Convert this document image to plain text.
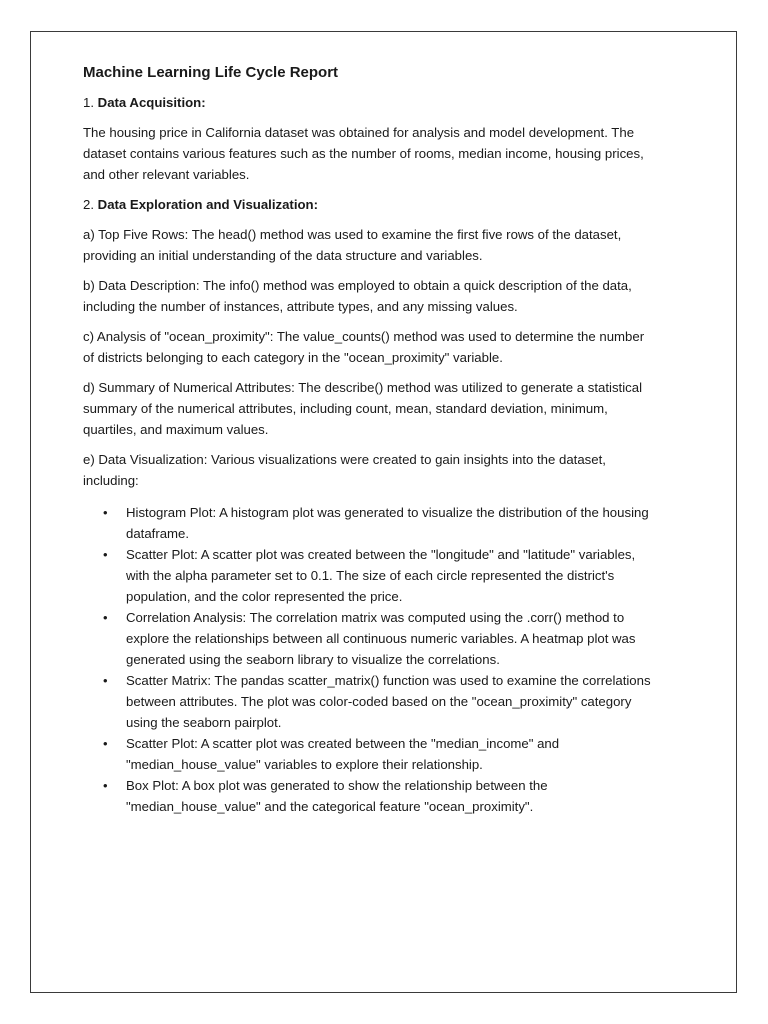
Machine Learning Life Cycle Report
1. Data Acquisition:

The housing price in California dataset was obtained for analysis and model development. The dataset contains various features such as the number of rooms, median income, housing prices, and other relevant variables.

2. Data Exploration and Visualization:

a) Top Five Rows: The head() method was used to examine the first five rows of the dataset, providing an initial understanding of the data structure and variables.

b) Data Description: The info() method was employed to obtain a quick description of the data, including the number of instances, attribute types, and any missing values.

c) Analysis of "ocean_proximity": The value_counts() method was used to determine the number of districts belonging to each category in the "ocean_proximity" variable.

d) Summary of Numerical Attributes: The describe() method was utilized to generate a statistical summary of the numerical attributes, including count, mean, standard deviation, minimum, quartiles, and maximum values.

e) Data Visualization: Various visualizations were created to gain insights into the dataset, including:

• Histogram Plot: A histogram plot was generated to visualize the distribution of the housing dataframe.
• Scatter Plot: A scatter plot was created between the "longitude" and "latitude" variables, with the alpha parameter set to 0.1. The size of each circle represented the district's population, and the color represented the price.
• Correlation Analysis: The correlation matrix was computed using the .corr() method to explore the relationships between all continuous numeric variables. A heatmap plot was generated using the seaborn library to visualize the correlations.
• Scatter Matrix: The pandas scatter_matrix() function was used to examine the correlations between attributes. The plot was color-coded based on the "ocean_proximity" category using the seaborn pairplot.
• Scatter Plot: A scatter plot was created between the "median_income" and "median_house_value" variables to explore their relationship.
• Box Plot: A box plot was generated to show the relationship between the "median_house_value" and the categorical feature "ocean_proximity".
